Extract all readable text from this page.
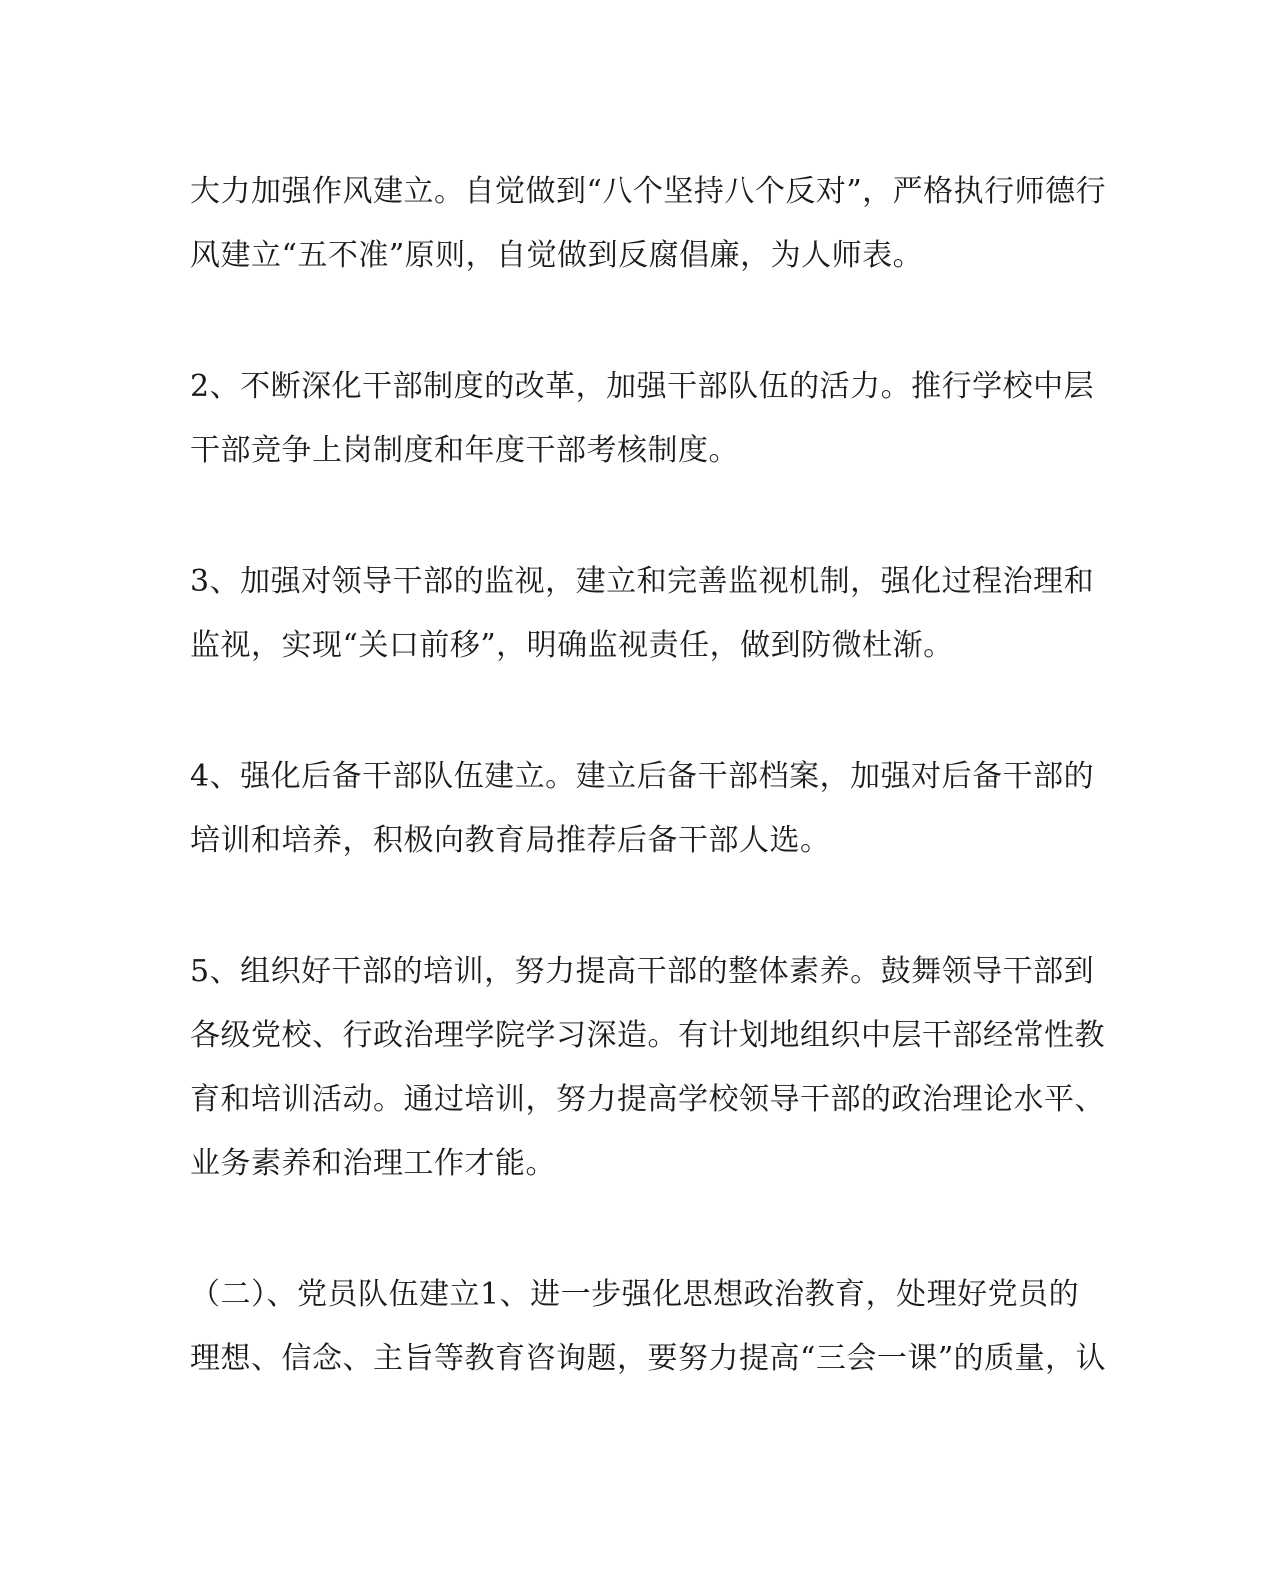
大力加强作风建立。自觉做到“八个坚持八个反对”，严格执行师德行
风建立“五不准”原则，自觉做到反腐倡廉，为人师表。

2、不断深化干部制度的改革，加强干部队伍的活力。推行学校中层
干部竞争上岗制度和年度干部考核制度。

3、加强对领导干部的监视，建立和完善监视机制，强化过程治理和
监视，实现“关口前移”，明确监视责任，做到防微杜渐。

4、强化后备干部队伍建立。建立后备干部档案，加强对后备干部的
培训和培养，积极向教育局推荐后备干部人选。

5、组织好干部的培训，努力提高干部的整体素养。鼓舞领导干部到
各级党校、行政治理学院学习深造。有计划地组织中层干部经常性教
育和培训活动。通过培训，努力提高学校领导干部的政治理论水平、
业务素养和治理工作才能。

（二）、党员队伍建立1、进一步强化思想政治教育，处理好党员的
理想、信念、主旨等教育咨询题，要努力提高“三会一课”的质量，认
